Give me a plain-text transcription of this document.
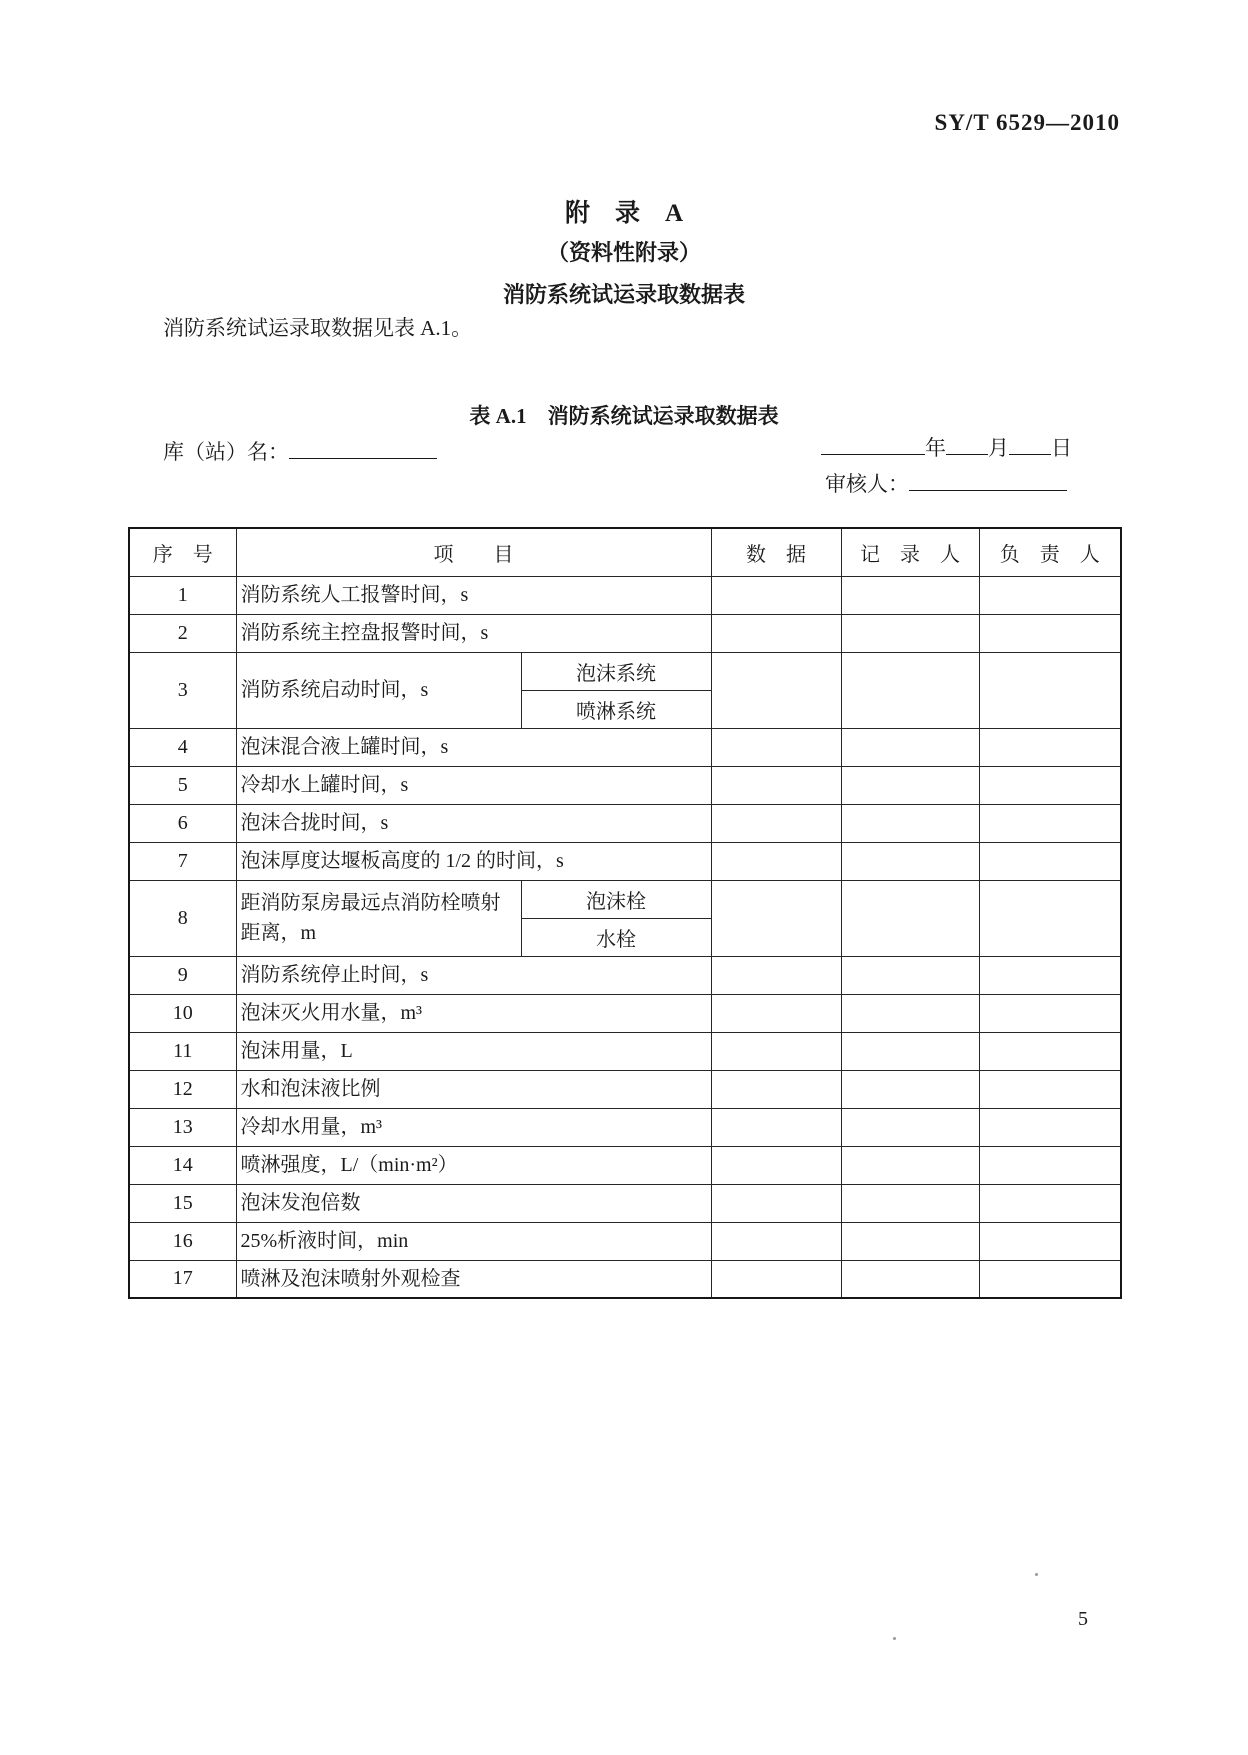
SY/T 6529—2010
附　录　A
（资料性附录）
消防系统试运录取数据表

消防系统试运录取数据见表 A.1。

表 A.1　消防系统试运录取数据表
库（站）名：	年 月 日
审核人：
序　号	项　　目		数　据	记　录　人	负　责　人
1	消防系统人工报警时间，s				
2	消防系统主控盘报警时间，s				
3	消防系统启动时间，s	泡沫系统			
		喷淋系统			
4	泡沫混合液上罐时间，s				
5	冷却水上罐时间，s				
6	泡沫合拢时间，s				
7	泡沫厚度达堰板高度的 1/2 的时间，s				
8	距消防泵房最远点消防栓喷射距离，m	泡沫栓			
		水栓			
9	消防系统停止时间，s				
10	泡沫灭火用水量，m³				
11	泡沫用量，L				
12	水和泡沫液比例				
13	冷却水用量，m³				
14	喷淋强度，L/（min·m²）				
15	泡沫发泡倍数				
16	25%析液时间，min				
17	喷淋及泡沫喷射外观检查				
5
